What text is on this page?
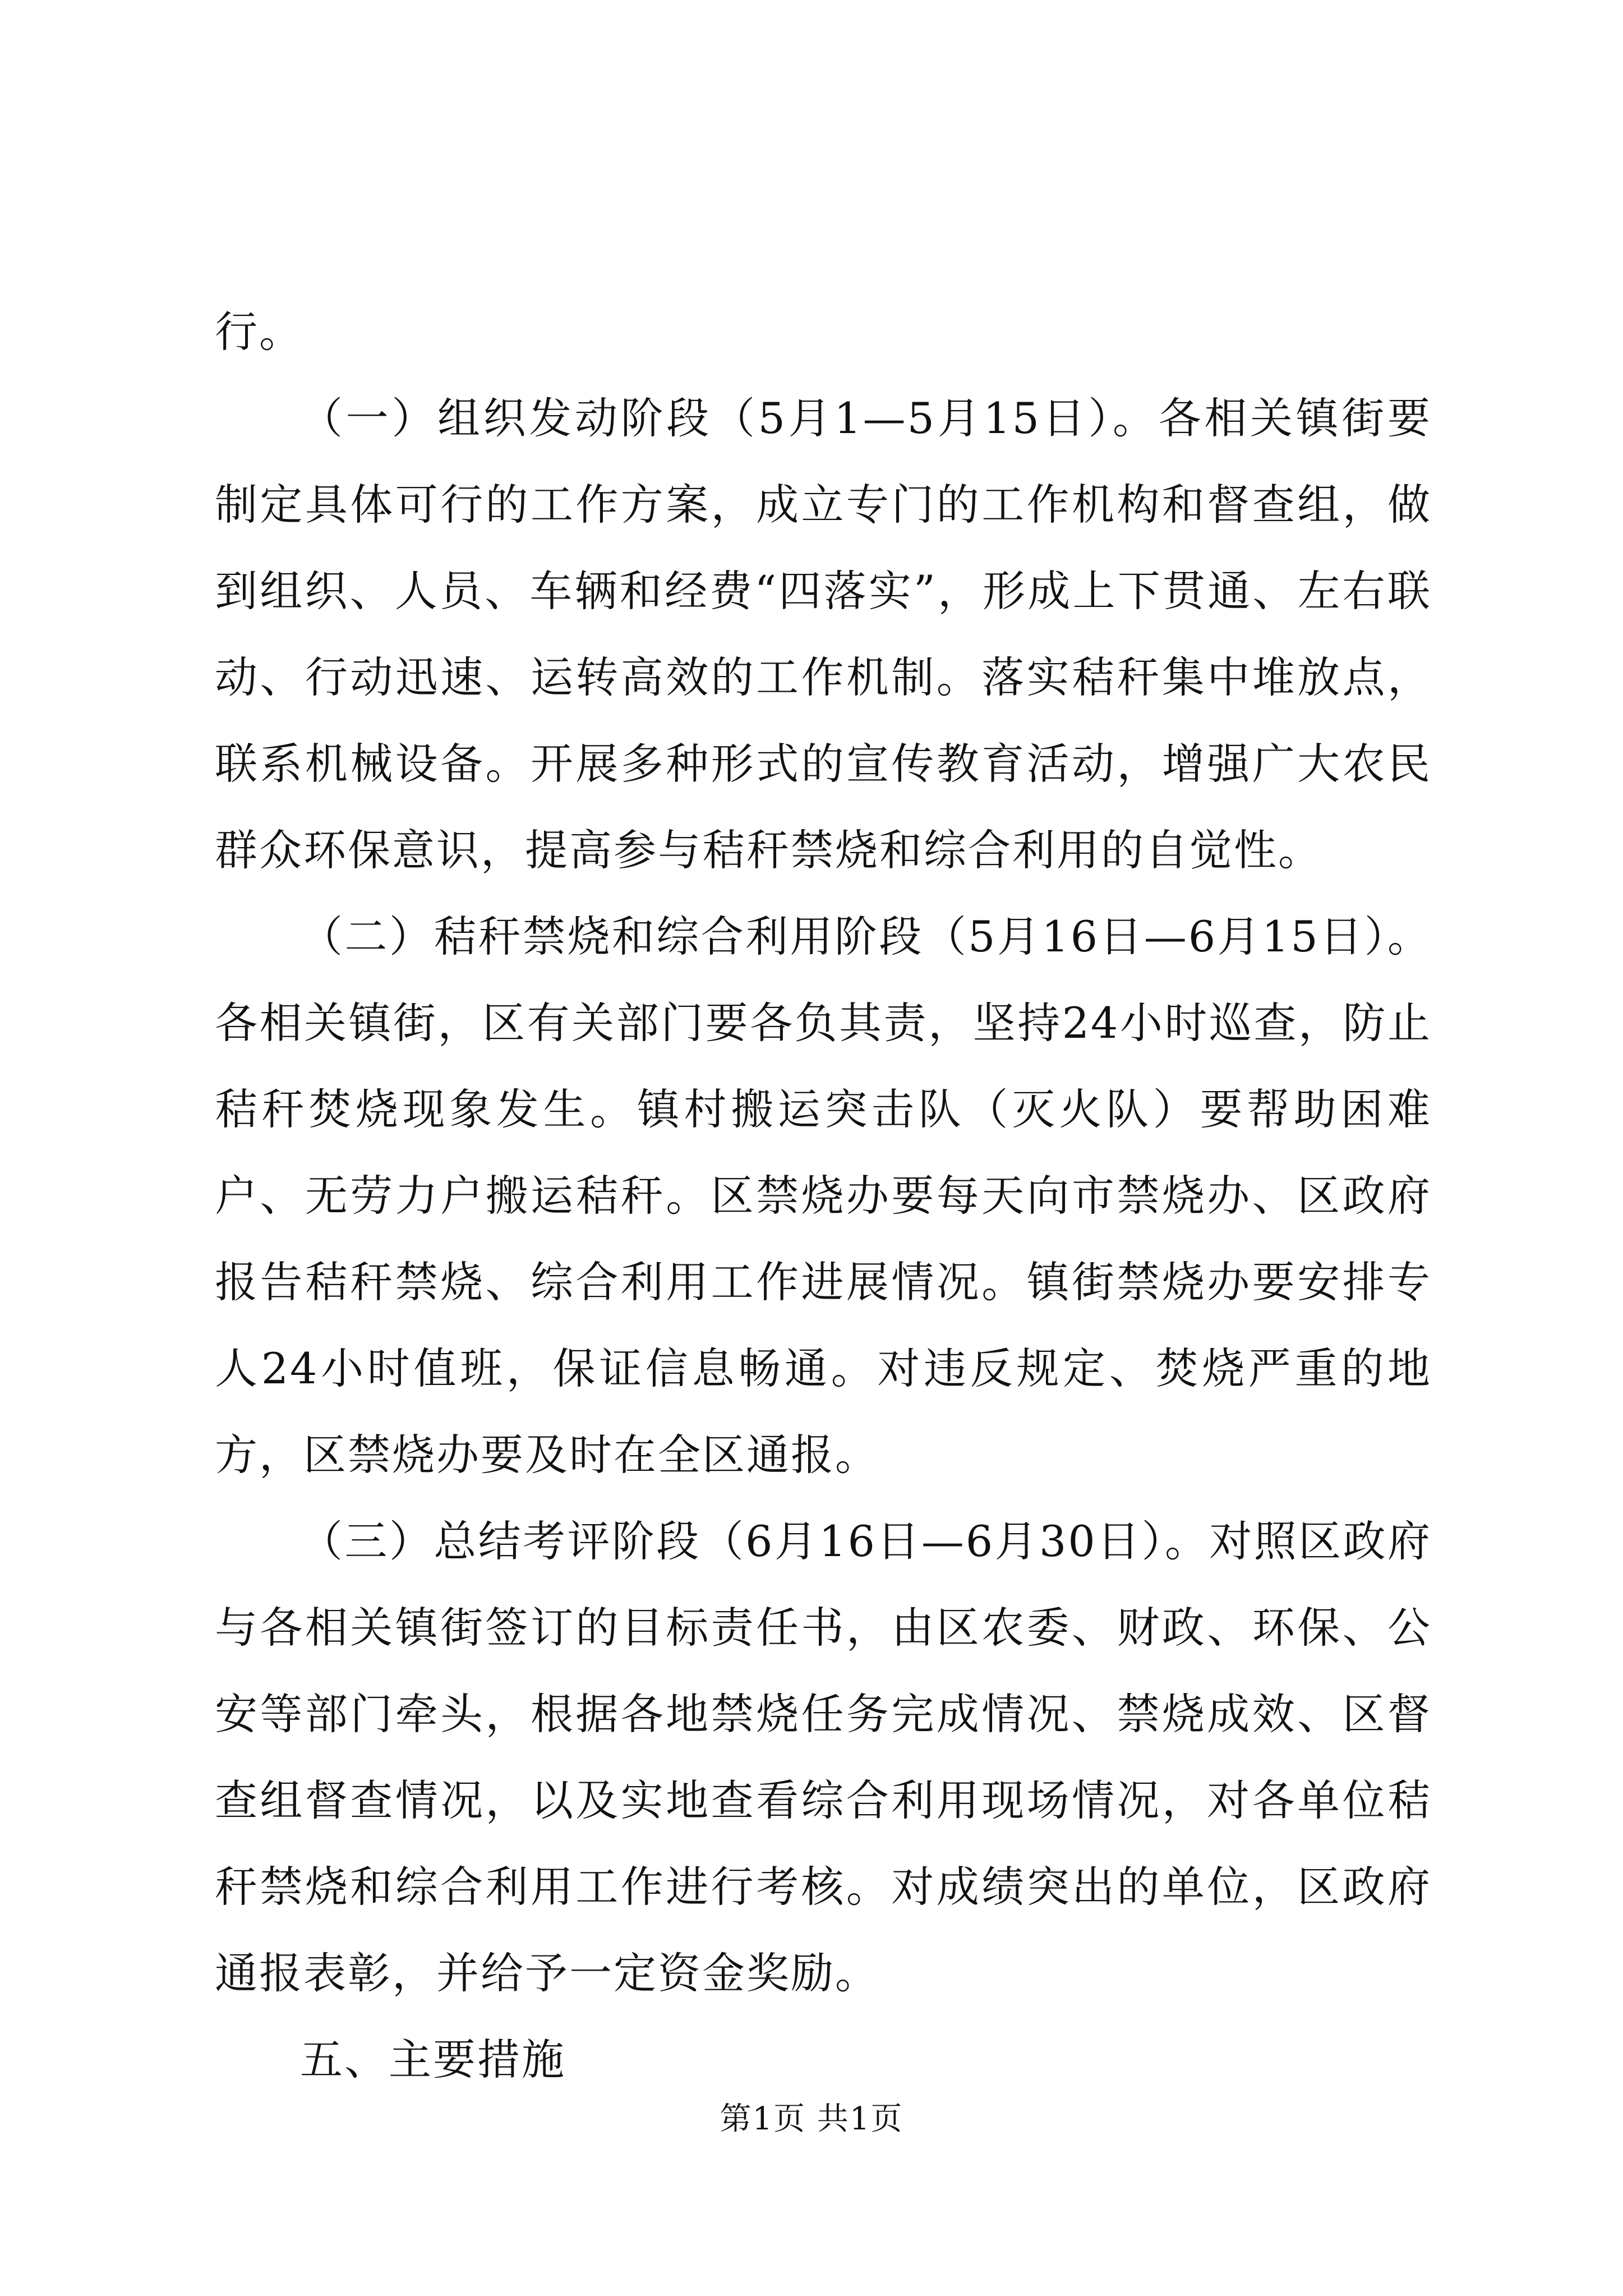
行。

（一）组织发动阶段（5月1—5月15日）。各相关镇街要制定具体可行的工作方案，成立专门的工作机构和督查组，做到组织、人员、车辆和经费“四落实”，形成上下贯通、左右联动、行动迅速、运转高效的工作机制。落实秸秆集中堆放点，联系机械设备。开展多种形式的宣传教育活动，增强广大农民群众环保意识，提高参与秸秆禁烧和综合利用的自觉性。

（二）秸秆禁烧和综合利用阶段（5月16日—6月15日）。各相关镇街，区有关部门要各负其责，坚持24小时巡查，防止秸秆焚烧现象发生。镇村搬运突击队（灭火队）要帮助困难户、无劳力户搬运秸秆。区禁烧办要每天向市禁烧办、区政府报告秸秆禁烧、综合利用工作进展情况。镇街禁烧办要安排专人24小时值班，保证信息畅通。对违反规定、焚烧严重的地方，区禁烧办要及时在全区通报。

（三）总结考评阶段（6月16日—6月30日）。对照区政府与各相关镇街签订的目标责任书，由区农委、财政、环保、公安等部门牵头，根据各地禁烧任务完成情况、禁烧成效、区督查组督查情况，以及实地查看综合利用现场情况，对各单位秸秆禁烧和综合利用工作进行考核。对成绩突出的单位，区政府通报表彰，并给予一定资金奖励。

五、主要措施

第1页 共1页
